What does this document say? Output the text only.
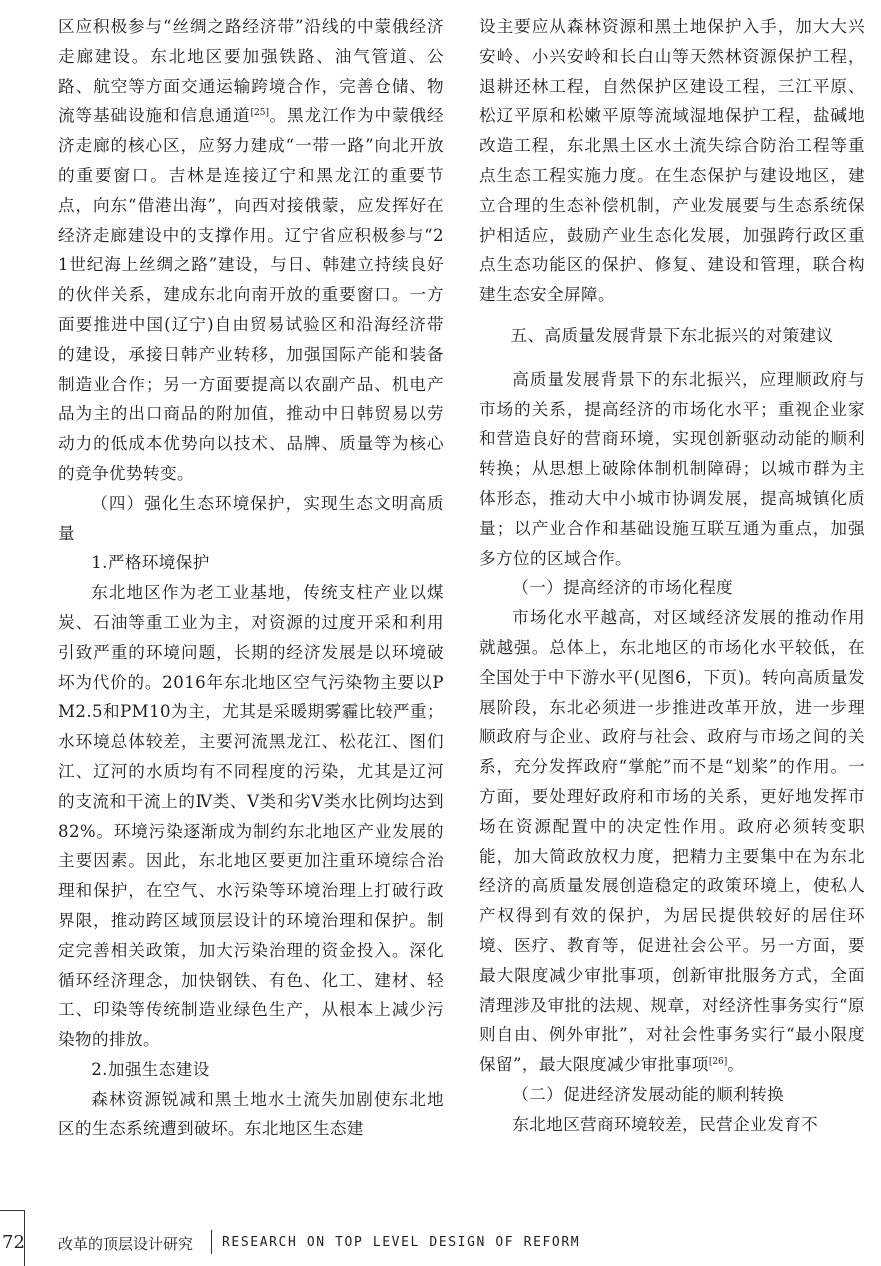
区应积极参与“丝绸之路经济带”沿线的中蒙俄经济走廊建设。东北地区要加强铁路、油气管道、公路、航空等方面交通运输跨境合作，完善仓储、物流等基础设施和信息通道[25]。黑龙江作为中蒙俄经济走廊的核心区，应努力建成“一带一路”向北开放的重要窗口。吉林是连接辽宁和黑龙江的重要节点，向东“借港出海”，向西对接俄蒙，应发挥好在经济走廊建设中的支撑作用。辽宁省应积极参与“21世纪海上丝绸之路”建设，与日、韩建立持续良好的伙伴关系，建成东北向南开放的重要窗口。一方面要推进中国(辽宁)自由贸易试验区和沿海经济带的建设，承接日韩产业转移，加强国际产能和装备制造业合作；另一方面要提高以农副产品、机电产品为主的出口商品的附加值，推动中日韩贸易以劳动力的低成本优势向以技术、品牌、质量等为核心的竞争优势转变。

（四）强化生态环境保护，实现生态文明高质量

1.严格环境保护

东北地区作为老工业基地，传统支柱产业以煤炭、石油等重工业为主，对资源的过度开采和利用引致严重的环境问题，长期的经济发展是以环境破坏为代价的。2016年东北地区空气污染物主要以PM2.5和PM10为主，尤其是采暖期雾霾比较严重；水环境总体较差，主要河流黑龙江、松花江、图们江、辽河的水质均有不同程度的污染，尤其是辽河的支流和干流上的Ⅳ类、Ⅴ类和劣Ⅴ类水比例均达到82%。环境污染逐渐成为制约东北地区产业发展的主要因素。因此，东北地区要更加注重环境综合治理和保护，在空气、水污染等环境治理上打破行政界限，推动跨区域顶层设计的环境治理和保护。制定完善相关政策，加大污染治理的资金投入。深化循环经济理念，加快钢铁、有色、化工、建材、轻工、印染等传统制造业绿色生产，从根本上减少污染物的排放。

2.加强生态建设

森林资源锐减和黑土地水土流失加剧使东北地区的生态系统遭到破坏。东北地区生态建

设主要应从森林资源和黑土地保护入手，加大大兴安岭、小兴安岭和长白山等天然林资源保护工程，退耕还林工程，自然保护区建设工程，三江平原、松辽平原和松嫩平原等流域湿地保护工程，盐碱地改造工程，东北黑土区水土流失综合防治工程等重点生态工程实施力度。在生态保护与建设地区，建立合理的生态补偿机制，产业发展要与生态系统保护相适应，鼓励产业生态化发展，加强跨行政区重点生态功能区的保护、修复、建设和管理，联合构建生态安全屏障。

五、高质量发展背景下东北振兴的对策建议

高质量发展背景下的东北振兴，应理顺政府与市场的关系，提高经济的市场化水平；重视企业家和营造良好的营商环境，实现创新驱动动能的顺利转换；从思想上破除体制机制障碍；以城市群为主体形态，推动大中小城市协调发展，提高城镇化质量；以产业合作和基础设施互联互通为重点，加强多方位的区域合作。

（一）提高经济的市场化程度

市场化水平越高，对区域经济发展的推动作用就越强。总体上，东北地区的市场化水平较低，在全国处于中下游水平(见图6，下页)。转向高质量发展阶段，东北必须进一步推进改革开放，进一步理顺政府与企业、政府与社会、政府与市场之间的关系，充分发挥政府“掌舵”而不是“划桨”的作用。一方面，要处理好政府和市场的关系，更好地发挥市场在资源配置中的决定性作用。政府必须转变职能，加大简政放权力度，把精力主要集中在为东北经济的高质量发展创造稳定的政策环境上，使私人产权得到有效的保护，为居民提供较好的居住环境、医疗、教育等，促进社会公平。另一方面，要最大限度减少审批事项，创新审批服务方式，全面清理涉及审批的法规、规章，对经济性事务实行“原则自由、例外审批”，对社会性事务实行“最小限度保留”，最大限度减少审批事项[26]。

（二）促进经济发展动能的顺利转换

东北地区营商环境较差，民营企业发育不

72 改革的顶层设计研究 RESEARCH ON TOP LEVEL DESIGN OF REFORM
